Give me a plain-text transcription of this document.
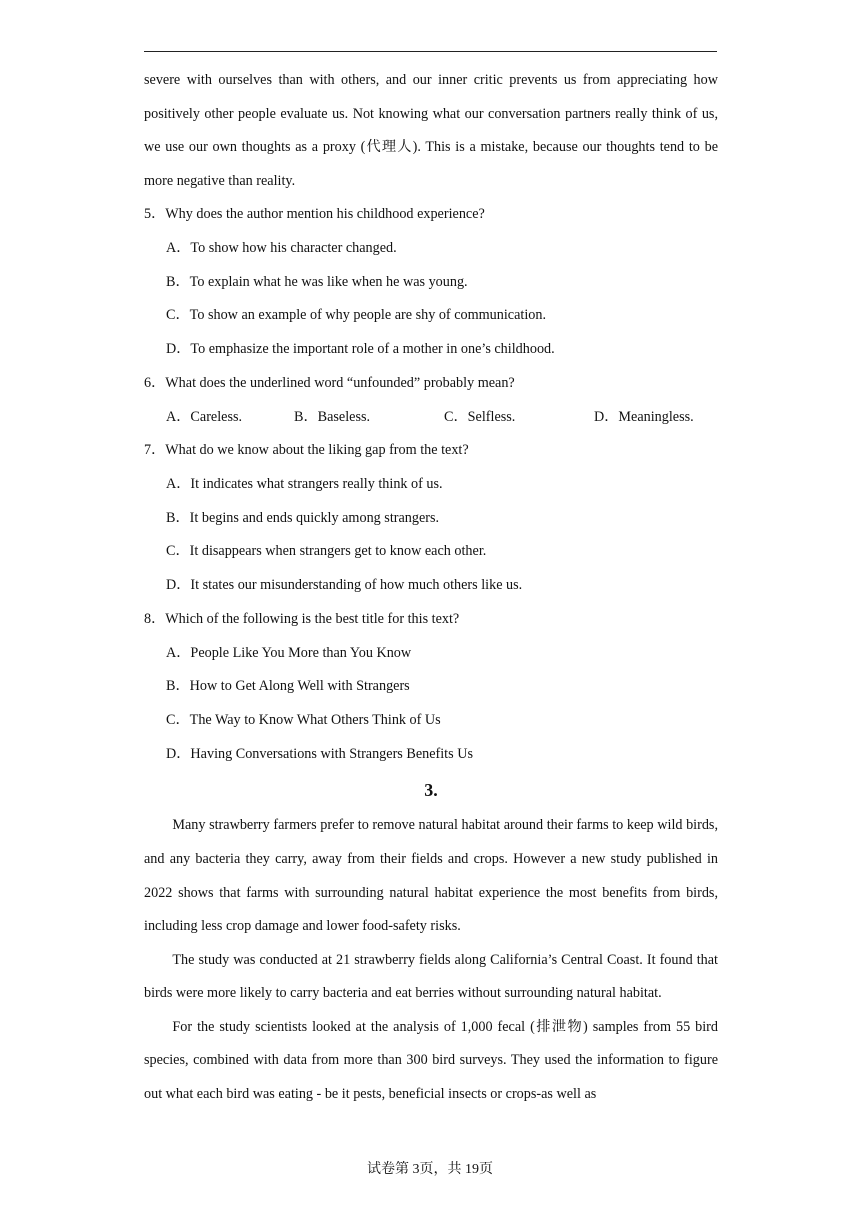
severe with ourselves than with others, and our inner critic prevents us from appreciating how positively other people evaluate us. Not knowing what our conversation partners really think of us, we use our own thoughts as a proxy (代理人). This is a mistake, because our thoughts tend to be more negative than reality.

5．Why does the author mention his childhood experience?

A．To show how his character changed.

B．To explain what he was like when he was young.

C．To show an example of why people are shy of communication.

D．To emphasize the important role of a mother in one’s childhood.

6．What does the underlined word “unfounded” probably mean?

A．Careless.	B．Baseless.	C．Selfless.	D．Meaningless.

7．What do we know about the liking gap from the text?

A．It indicates what strangers really think of us.

B．It begins and ends quickly among strangers.

C．It disappears when strangers get to know each other.

D．It states our misunderstanding of how much others like us.

8．Which of the following is the best title for this text?

A．People Like You More than You Know

B．How to Get Along Well with Strangers

C．The Way to Know What Others Think of Us

D．Having Conversations with Strangers Benefits Us

3.

Many strawberry farmers prefer to remove natural habitat around their farms to keep wild birds, and any bacteria they carry, away from their fields and crops. However a new study published in 2022 shows that farms with surrounding natural habitat experience the most benefits from birds, including less crop damage and lower food-safety risks.

The study was conducted at 21 strawberry fields along California’s Central Coast. It found that birds were more likely to carry bacteria and eat berries without surrounding natural habitat.

For the study scientists looked at the analysis of 1,000 fecal (排泄物) samples from 55 bird species, combined with data from more than 300 bird surveys. They used the information to figure out what each bird was eating - be it pests, beneficial insects or crops-as well as

试卷第 3页，共 19页
